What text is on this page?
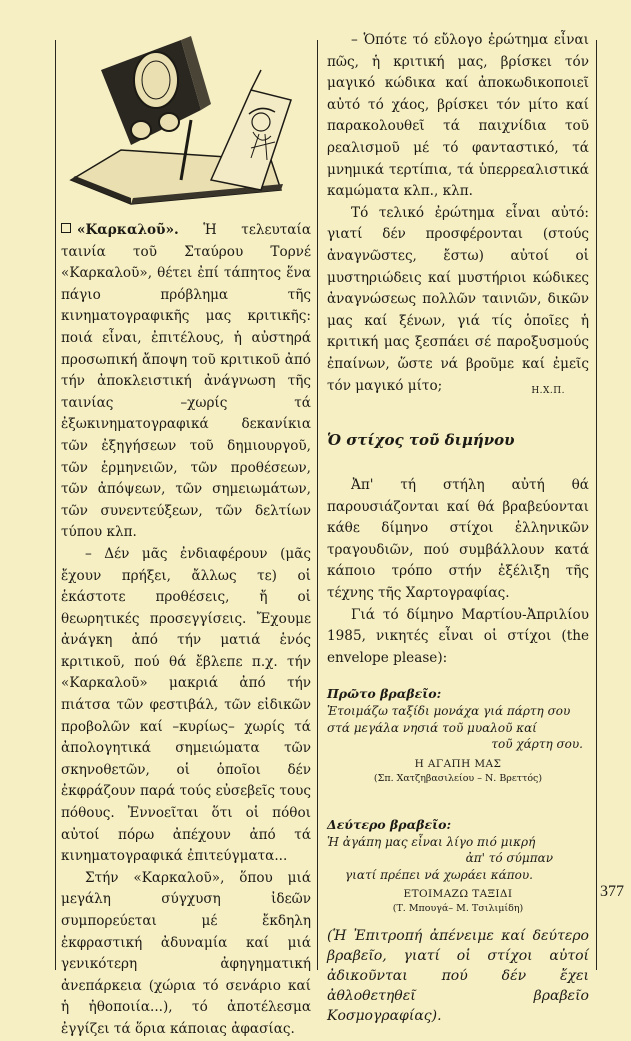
«Καρκαλοῦ». Ἡ τελευταία ταινία τοῦ Σταύρου Τορνέ «Καρκαλοῦ», θέτει ἐπί τάπητος ἕνα πάγιο πρόβλημα τῆς κινηματογραφικῆς μας κριτικῆς: ποιά εἶναι, ἐπιτέλους, ἡ αὐστηρά προσωπική ἄποψη τοῦ κριτικοῦ ἀπό τήν ἀποκλειστική ἀνάγνωση τῆς ταινίας –χωρίς τά ἐξωκινηματογραφικά δεκανίκια τῶν ἐξηγήσεων τοῦ δημιουργοῦ, τῶν ἑρμηνειῶν, τῶν προθέσεων, τῶν ἀπόψεων, τῶν σημειωμάτων, τῶν συνεντεύξεων, τῶν δελτίων τύπου κλπ.

– Δέν μᾶς ἐνδιαφέρουν (μᾶς ἔχουν πρήξει, ἄλλως τε) οἱ ἑκάστοτε προθέσεις, ἤ οἱ θεωρητικές προσεγγίσεις. Ἔχουμε ἀνάγκη ἀπό τήν ματιά ἑνός κριτικοῦ, πού θά ἔβλεπε π.χ. τήν «Καρκαλοῦ» μακριά ἀπό τήν πιάτσα τῶν φεστιβάλ, τῶν εἰδικῶν προβολῶν καί –κυρίως– χωρίς τά ἀπολογητικά σημειώματα τῶν σκηνοθετῶν, οἱ ὁποῖοι δέν ἐκφράζουν παρά τούς εὐσεβεῖς τους πόθους. Ἐννοεῖται ὅτι οἱ πόθοι αὐτοί πόρω ἀπέχουν ἀπό τά κινηματογραφικά ἐπιτεύγματα...

Στήν «Καρκαλοῦ», ὅπου μιά μεγάλη σύγχυση ἰδεῶν συμπορεύεται μέ ἔκδηλη ἐκφραστική ἀδυναμία καί μιά γενικότερη ἀφηγηματική ἀνεπάρκεια (χώρια τό σενάριο καί ἡ ἠθοποιία...), τό ἀποτέλεσμα ἐγγίζει τά ὅρια κάποιας ἀφασίας.

– Ὁπότε τό εὔλογο ἐρώτημα εἶναι πῶς, ἡ κριτική μας, βρίσκει τόν μαγικό κώδικα καί ἀποκωδικοποιεῖ αὐτό τό χάος, βρίσκει τόν μίτο καί παρακολουθεῖ τά παιχνίδια τοῦ ρεαλισμοῦ μέ τό φανταστικό, τά μνημικά τερτίπια, τά ὑπερρεαλιστικά καμώματα κλπ., κλπ.

Τό τελικό ἐρώτημα εἶναι αὐτό: γιατί δέν προσφέρονται (στούς ἀναγνῶστες, ἔστω) αὐτοί οἱ μυστηριώδεις καί μυστήριοι κώδικες ἀναγνώσεως πολλῶν ταινιῶν, δικῶν μας καί ξένων, γιά τίς ὁποῖες ἡ κριτική μας ξεσπάει σέ παροξυσμούς ἐπαίνων, ὥστε νά βροῦμε καί ἐμεῖς τόν μαγικό μίτο;	Η.Χ.Π.

Ὁ στίχος τοῦ διμήνου

Ἀπ' τή στήλη αὐτή θά παρουσιάζονται καί θά βραβεύονται κάθε δίμηνο στίχοι ἑλληνικῶν τραγουδιῶν, πού συμβάλλουν κατά κάποιο τρόπο στήν ἐξέλιξη τῆς τέχνης τῆς Χαρτογραφίας.

Γιά τό δίμηνο Μαρτίου-Ἀπριλίου 1985, νικητές εἶναι οἱ στίχοι (the envelope please):

Πρῶτο βραβεῖο:
Ἑτοιμάζω ταξίδι μονάχα γιά πάρτη σου
στά μεγάλα νησιά τοῦ μυαλοῦ καί
τοῦ χάρτη σου.
Η ΑΓΑΠΗ ΜΑΣ
(Σπ. Χατζηβασιλείου – Ν. Βρεττός)
Δεύτερο βραβεῖο:
Ἡ ἀγάπη μας εἶναι λίγο πιό μικρή
ἀπ' τό σύμπαν
γιατί πρέπει νά χωράει κάπου.
ΕΤΟΙΜΑΖΩ ΤΑΞΙΔΙ
(Τ. Μπουγά– Μ. Τσιλιμίδη)
(Ἡ Ἐπιτροπή ἀπένειμε καί δεύτερο βραβεῖο, γιατί οἱ στίχοι αὐτοί ἀδικοῦνται πού δέν ἔχει ἀθλοθετηθεῖ βραβεῖο Κοσμογραφίας).
377
